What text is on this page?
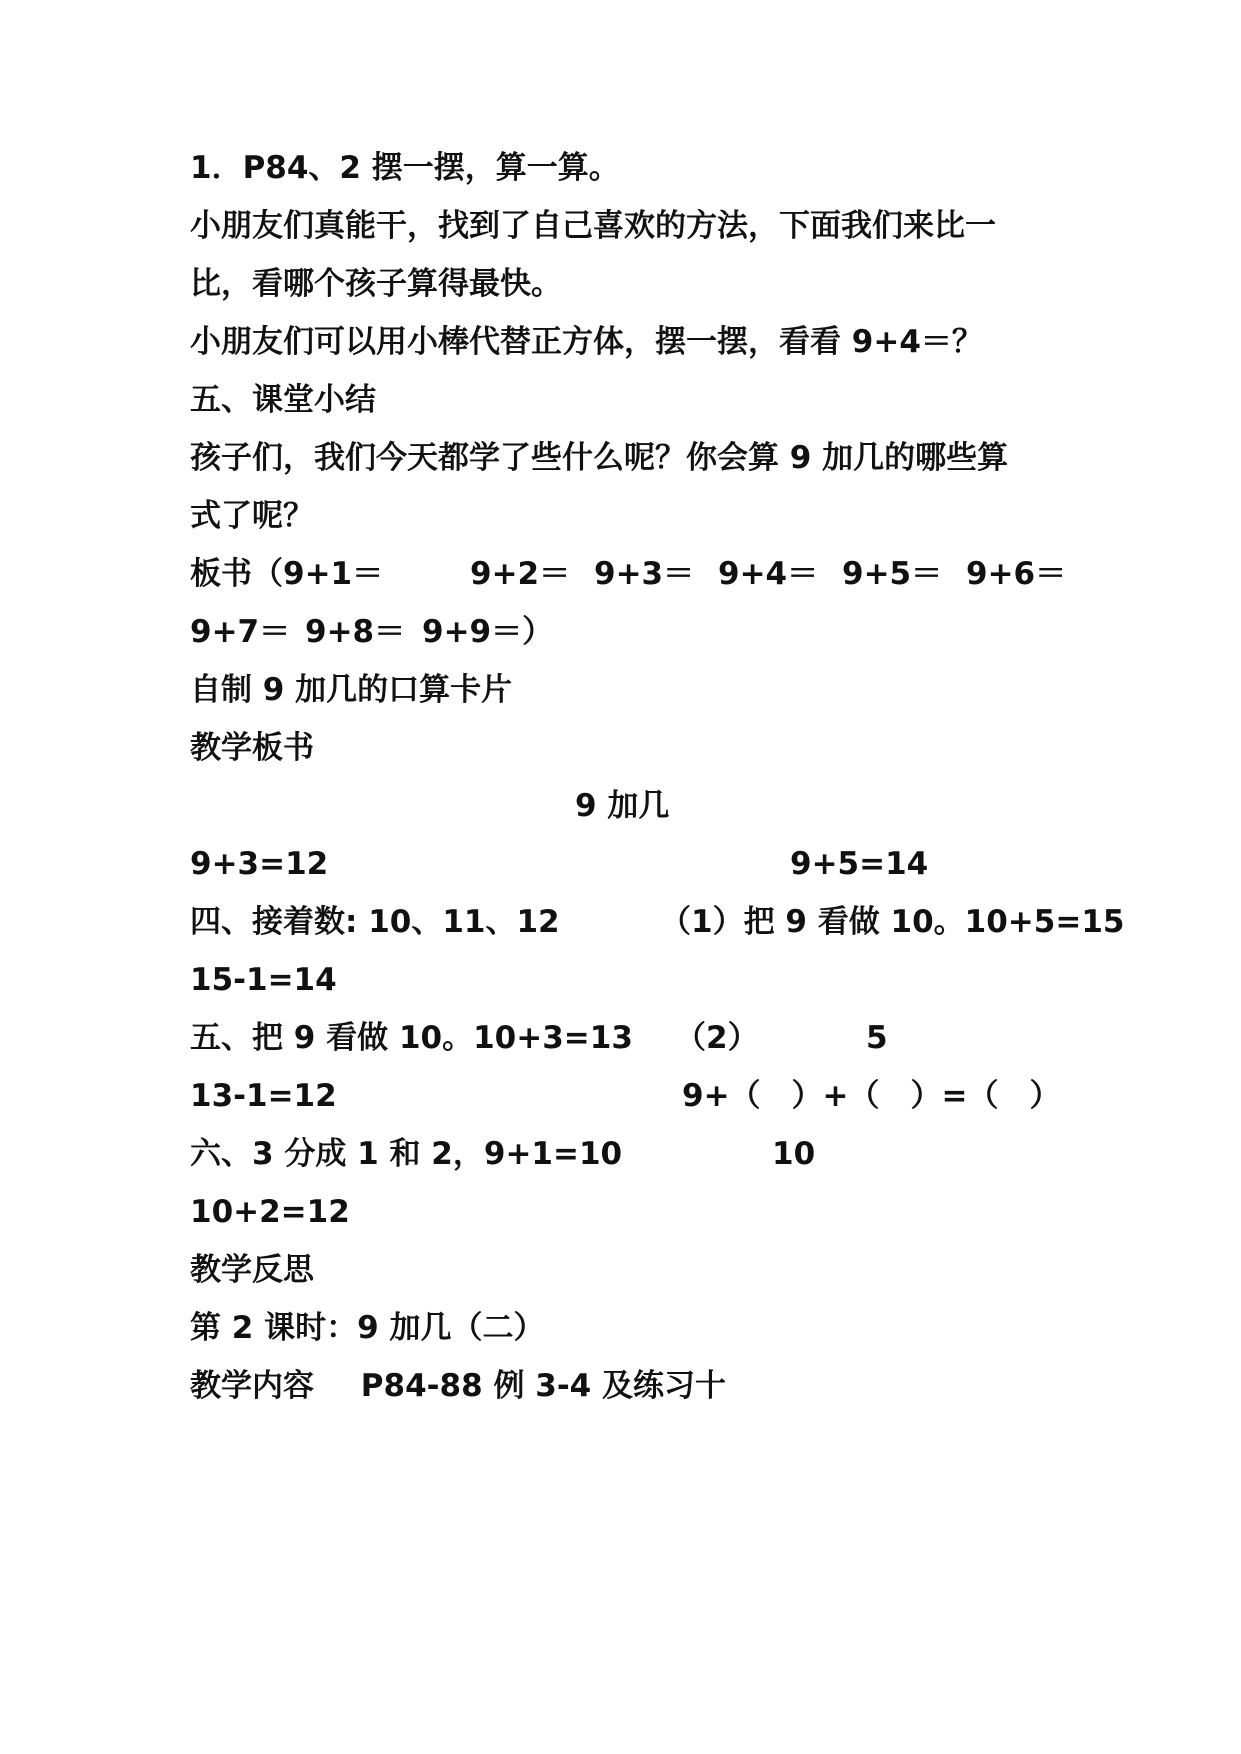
1．P84、2 摆一摆，算一算。
小朋友们真能干，找到了自己喜欢的方法，下面我们来比一
比，看哪个孩子算得最快。
小朋友们可以用小棒代替正方体，摆一摆，看看 9+4＝？
五、课堂小结
孩子们，我们今天都学了些什么呢？你会算 9 加几的哪些算
式了呢？
板书（9+1＝	9+2＝ 9+3＝ 9+4＝ 9+5＝ 9+6＝
9+7＝ 9+8＝ 9+9＝）
自制 9 加几的口算卡片
教学板书
9 加几
9+3=12	9+5=14
四、接着数: 10、11、12	（1）把 9 看做 10。10+5=15
15-1=14
五、把 9 看做 10。10+3=13 （2）	5
13-1=12	9+（　）+（　）=（　）
六、3 分成 1 和 2，9+1=10	10
10+2=12
教学反思
第 2 课时：9 加几（二）
教学内容 P84-88 例 3-4 及练习十
